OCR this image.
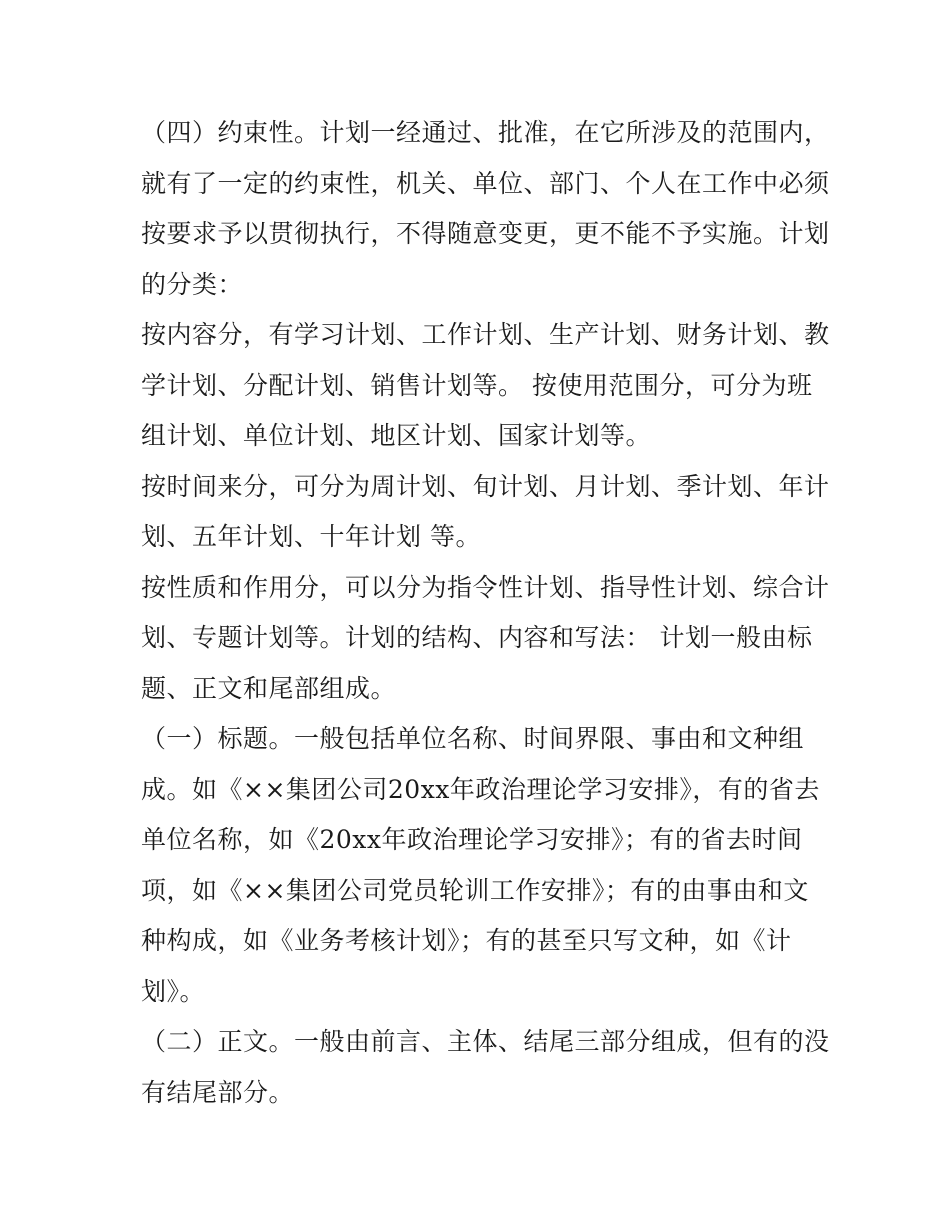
（四）约束性。计划一经通过、批准，在它所涉及的范围内，
就有了一定的约束性，机关、单位、部门、个人在工作中必须
按要求予以贯彻执行，不得随意变更，更不能不予实施。计划
的分类：
按内容分，有学习计划、工作计划、生产计划、财务计划、教
学计划、分配计划、销售计划等。 按使用范围分，可分为班
组计划、单位计划、地区计划、国家计划等。
按时间来分，可分为周计划、旬计划、月计划、季计划、年计
划、五年计划、十年计划 等。
按性质和作用分，可以分为指令性计划、指导性计划、综合计
划、专题计划等。计划的结构、内容和写法： 计划一般由标
题、正文和尾部组成。
（一）标题。一般包括单位名称、时间界限、事由和文种组
成。如《××集团公司20xx年政治理论学习安排》，有的省去
单位名称，如《20xx年政治理论学习安排》；有的省去时间
项，如《××集团公司党员轮训工作安排》；有的由事由和文
种构成，如《业务考核计划》；有的甚至只写文种，如《计
划》。
（二）正文。一般由前言、主体、结尾三部分组成，但有的没
有结尾部分。
